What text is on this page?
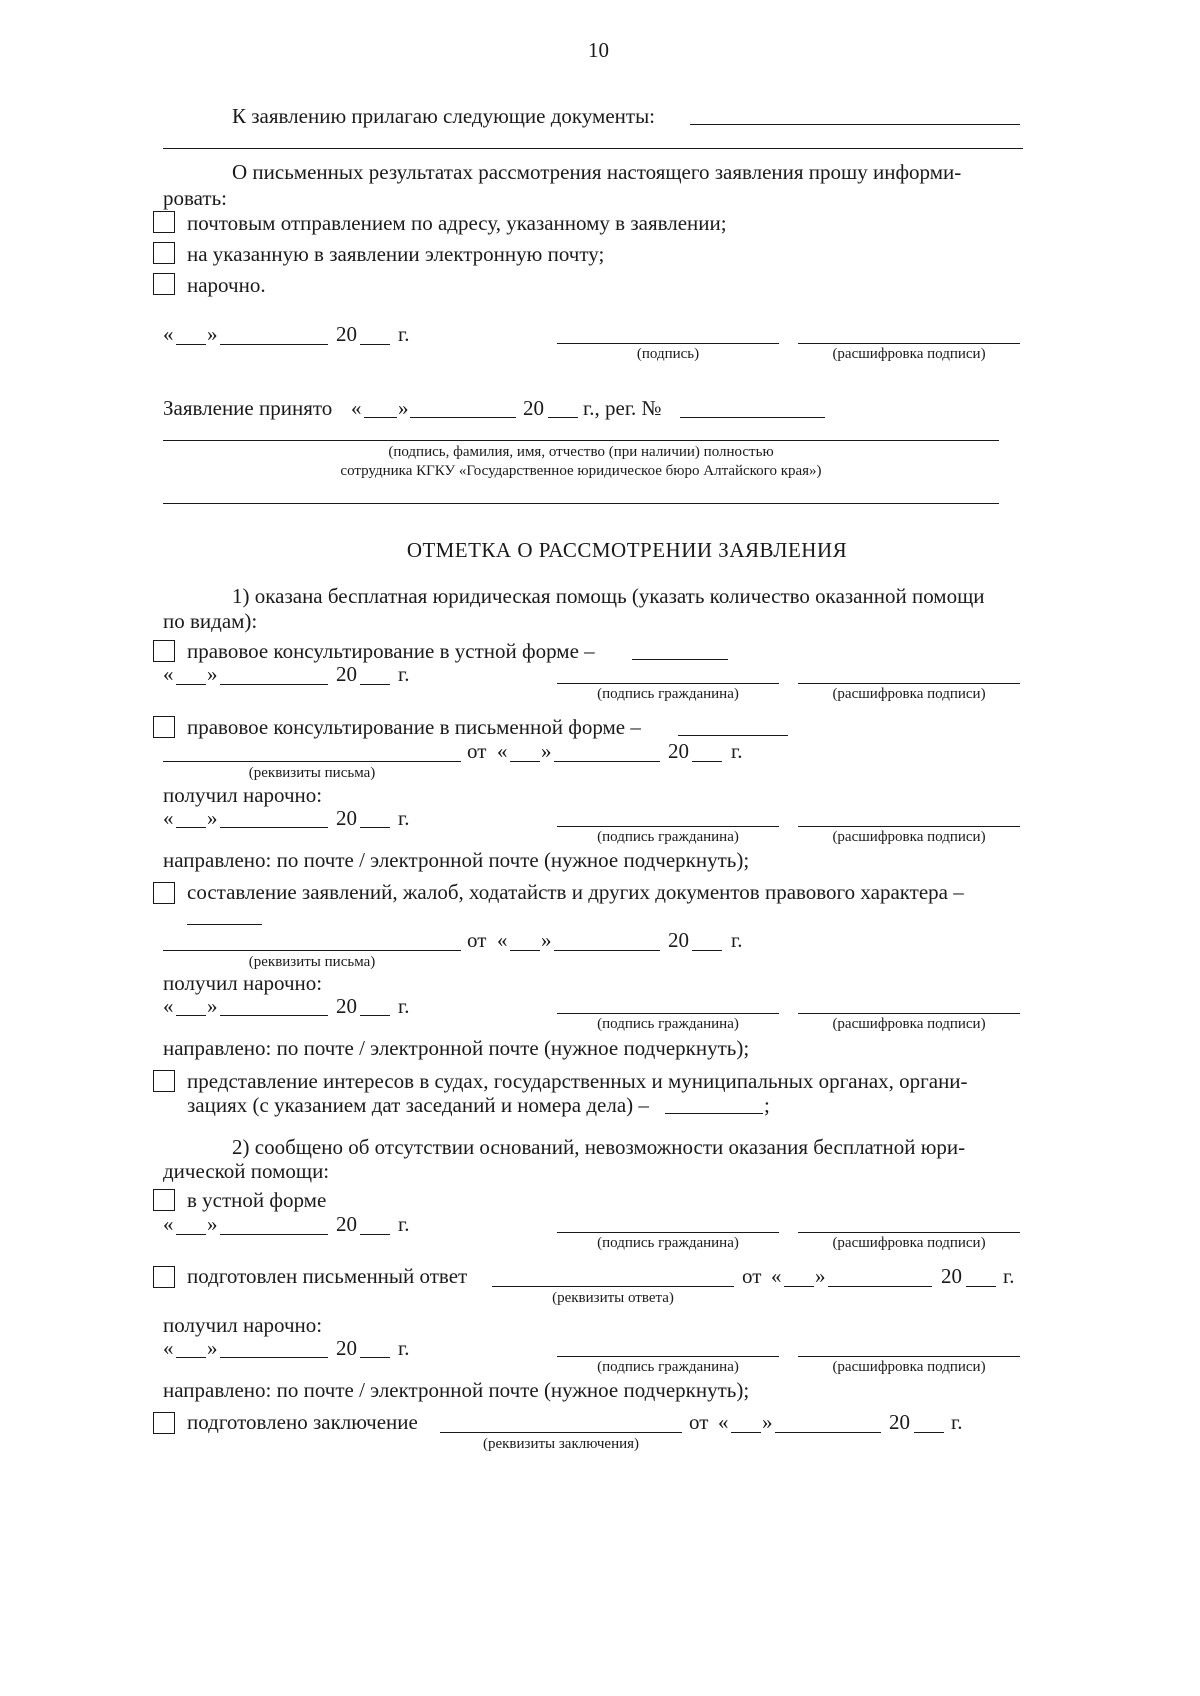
10
К заявлению прилагаю следующие документы:
О письменных результатах рассмотрения настоящего заявления прошу информи-
ровать:
почтовым отправлением по адресу, указанному в заявлении;
на указанную в заявлении электронную почту;
нарочно.
« »	20 г.
(подпись)	(расшифровка подписи)
Заявление принято « »	20 г., рег. №
(подпись, фамилия, имя, отчество (при наличии) полностью
сотрудника КГКУ «Государственное юридическое бюро Алтайского края»)
ОТМЕТКА О РАССМОТРЕНИИ ЗАЯВЛЕНИЯ
1) оказана бесплатная юридическая помощь (указать количество оказанной помощи
по видам):
правовое консультирование в устной форме –
« »	20 г.
(подпись гражданина)	(расшифровка подписи)
правовое консультирование в письменной форме –
(реквизиты письма)
от « »	20 г.
получил нарочно:
« »	20 г.
(подпись гражданина)	(расшифровка подписи)
направлено: по почте / электронной почте (нужное подчеркнуть);
составление заявлений, жалоб, ходатайств и других документов правового характера –
(реквизиты письма)
от « »	20 г.
получил нарочно:
« »	20 г.
(подпись гражданина)	(расшифровка подписи)
направлено: по почте / электронной почте (нужное подчеркнуть);
представление интересов в судах, государственных и муниципальных органах, органи-
зациях (с указанием дат заседаний и номера дела) –	;
2) сообщено об отсутствии оснований, невозможности оказания бесплатной юри-
дической помощи:
в устной форме
« »	20 г.
(подпись гражданина)	(расшифровка подписи)
подготовлен письменный ответ
(реквизиты ответа)
от « »	20 г.
получил нарочно:
« »	20 г.
(подпись гражданина)	(расшифровка подписи)
направлено: по почте / электронной почте (нужное подчеркнуть);
подготовлено заключение
(реквизиты заключения)
от « »	20 г.
